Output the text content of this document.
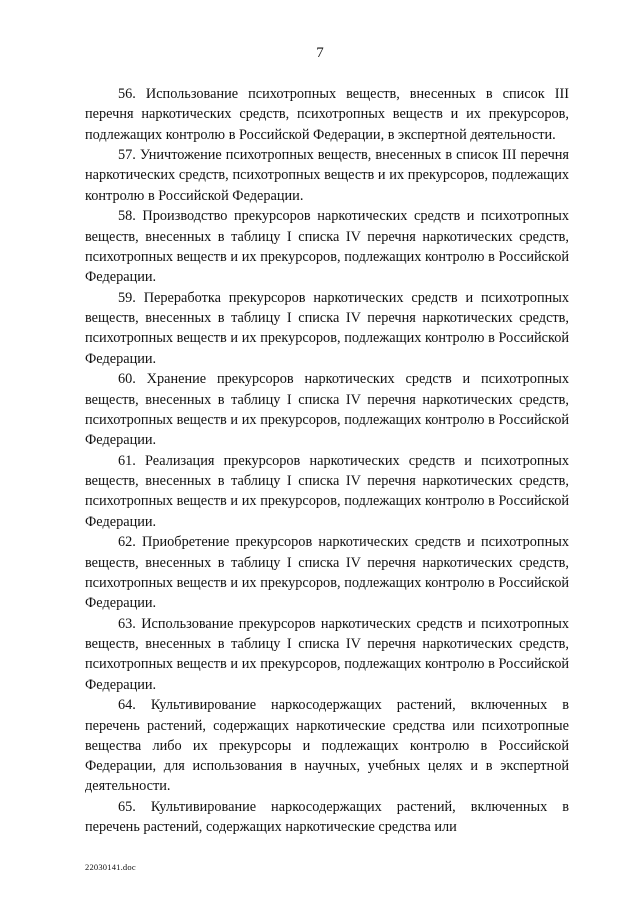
7

56. Использование психотропных веществ, внесенных в список III перечня наркотических средств, психотропных веществ и их прекурсоров, подлежащих контролю в Российской Федерации, в экспертной деятельности.

57. Уничтожение психотропных веществ, внесенных в список III перечня наркотических средств, психотропных веществ и их прекурсоров, подлежащих контролю в Российской Федерации.

58. Производство прекурсоров наркотических средств и психотропных веществ, внесенных в таблицу I списка IV перечня наркотических средств, психотропных веществ и их прекурсоров, подлежащих контролю в Российской Федерации.

59. Переработка прекурсоров наркотических средств и психотропных веществ, внесенных в таблицу I списка IV перечня наркотических средств, психотропных веществ и их прекурсоров, подлежащих контролю в Российской Федерации.

60. Хранение прекурсоров наркотических средств и психотропных веществ, внесенных в таблицу I списка IV перечня наркотических средств, психотропных веществ и их прекурсоров, подлежащих контролю в Российской Федерации.

61. Реализация прекурсоров наркотических средств и психотропных веществ, внесенных в таблицу I списка IV перечня наркотических средств, психотропных веществ и их прекурсоров, подлежащих контролю в Российской Федерации.

62. Приобретение прекурсоров наркотических средств и психотропных веществ, внесенных в таблицу I списка IV перечня наркотических средств, психотропных веществ и их прекурсоров, подлежащих контролю в Российской Федерации.

63. Использование прекурсоров наркотических средств и психотропных веществ, внесенных в таблицу I списка IV перечня наркотических средств, психотропных веществ и их прекурсоров, подлежащих контролю в Российской Федерации.

64. Культивирование наркосодержащих растений, включенных в перечень растений, содержащих наркотические средства или психотропные вещества либо их прекурсоры и подлежащих контролю в Российской Федерации, для использования в научных, учебных целях и в экспертной деятельности.

65. Культивирование наркосодержащих растений, включенных в перечень растений, содержащих наркотические средства или

22030141.doc
